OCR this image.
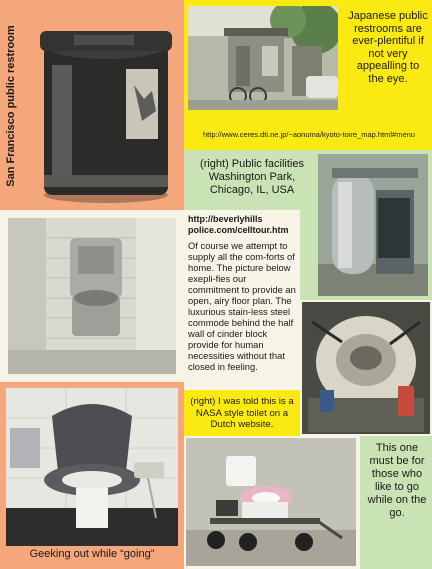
San Francisco public restroom
Japanese public restrooms are ever-plentiful if not very appealling to the eye.
http://www.ceres.dti.ne.jp/~aonuma/kyoto-toire_map.html#menu
(right) Public facilities Washington Park, Chicago, IL, USA
http://beverlyhills
police.com/celltour.htm
Of course we attempt to supply all the com-forts of home. The picture below exepli-fies our commitment to provide an open, airy floor plan. The luxurious stain-less steel commode behind the half wall of cinder block provide for human necessities without that closed in feeling.
(right) I was told this is a NASA style toilet on a Dutch website.
Geeking out while “going”
This one must be for those who like to go while on the go.
